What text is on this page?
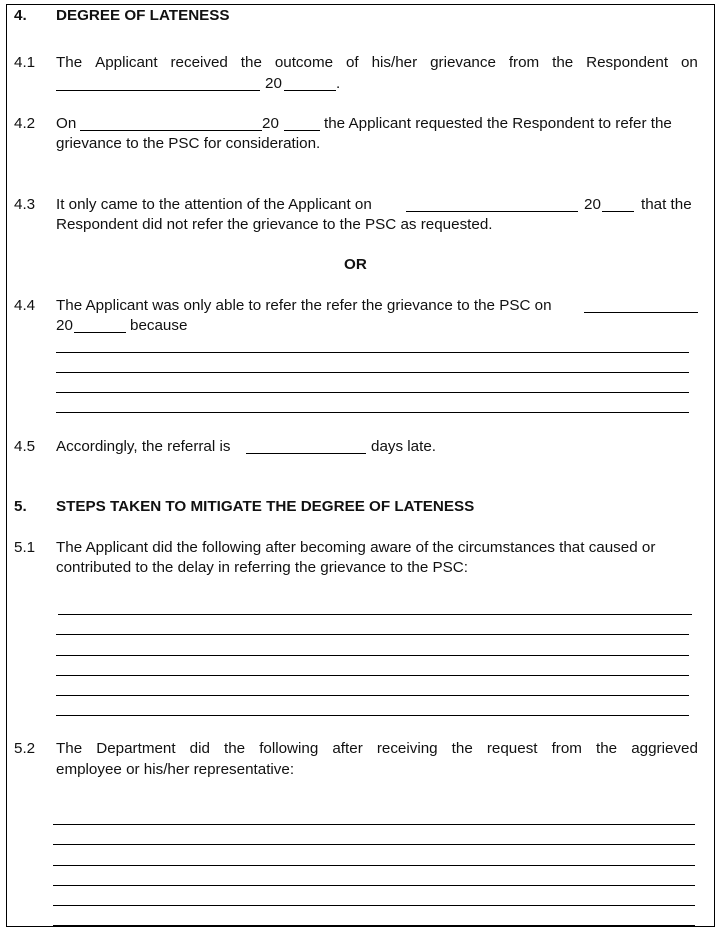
4. DEGREE OF LATENESS
4.1 The Applicant received the outcome of his/her grievance from the Respondent on
20	.
4.2 On	20	the Applicant requested the Respondent to refer the
grievance to the PSC for consideration.
4.3 It only came to the attention of the Applicant on	20	that the
Respondent did not refer the grievance to the PSC as requested.
OR
4.4 The Applicant was only able to refer the refer the grievance to the PSC on
20	because
4.5 Accordingly, the referral is	days late.
5. STEPS TAKEN TO MITIGATE THE DEGREE OF LATENESS
5.1 The Applicant did the following after becoming aware of the circumstances that caused or
contributed to the delay in referring the grievance to the PSC:
5.2 The Department did the following after receiving the request from the aggrieved
employee or his/her representative:
